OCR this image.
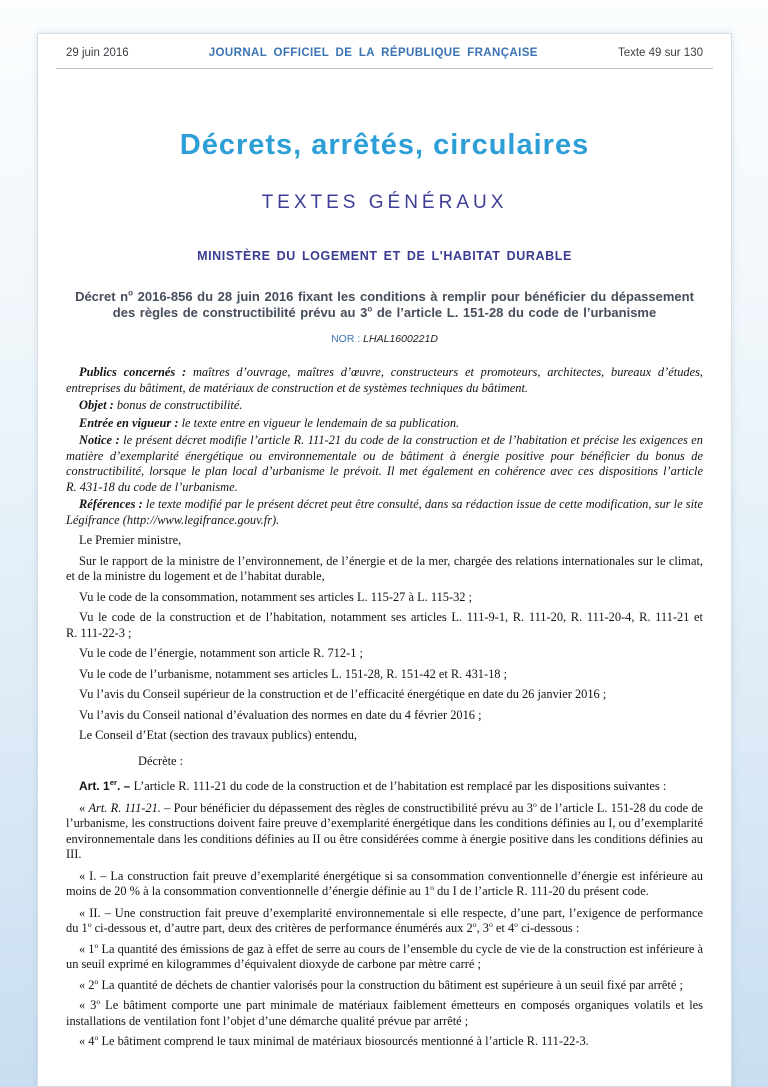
29 juin 2016	JOURNAL OFFICIEL DE LA RÉPUBLIQUE FRANÇAISE	Texte 49 sur 130
Décrets, arrêtés, circulaires
TEXTES GÉNÉRAUX
MINISTÈRE DU LOGEMENT ET DE L'HABITAT DURABLE
Décret $n^o$ 2016-856 du 28 juin 2016 fixant les conditions à remplir pour bénéficier du dépassement
des règles de constructibilité prévu au 3$^o$ de l’article L. 151-28 du code de l’urbanisme
NOR : LHAL1600221D

Publics concernés : maîtres d’ouvrage, maîtres d’œuvre, constructeurs et promoteurs, architectes, bureaux d’études, entreprises du bâtiment, de matériaux de construction et de systèmes techniques du bâtiment.

Objet : bonus de constructibilité.

Entrée en vigueur : le texte entre en vigueur le lendemain de sa publication.

Notice : le présent décret modifie l’article R. 111-21 du code de la construction et de l’habitation et précise les exigences en matière d’exemplarité énergétique ou environnementale ou de bâtiment à énergie positive pour bénéficier du bonus de constructibilité, lorsque le plan local d’urbanisme le prévoit. Il met également en cohérence avec ces dispositions l’article R. 431-18 du code de l’urbanisme.

Références : le texte modifié par le présent décret peut être consulté, dans sa rédaction issue de cette modification, sur le site Légifrance (http://www.legifrance.gouv.fr).

Le Premier ministre,

Sur le rapport de la ministre de l’environnement, de l’énergie et de la mer, chargée des relations internationales sur le climat, et de la ministre du logement et de l’habitat durable,

Vu le code de la consommation, notamment ses articles L. 115-27 à L. 115-32 ;

Vu le code de la construction et de l’habitation, notamment ses articles L. 111-9-1, R. 111-20, R. 111-20-4, R. 111-21 et R. 111-22-3 ;

Vu le code de l’énergie, notamment son article R. 712-1 ;

Vu le code de l’urbanisme, notamment ses articles L. 151-28, R. 151-42 et R. 431-18 ;

Vu l’avis du Conseil supérieur de la construction et de l’efficacité énergétique en date du 26 janvier 2016 ;

Vu l’avis du Conseil national d’évaluation des normes en date du 4 février 2016 ;

Le Conseil d’Etat (section des travaux publics) entendu,

Décrète :

Art. 1er. – L’article R. 111-21 du code de la construction et de l’habitation est remplacé par les dispositions suivantes :

« Art. R. 111-21. – Pour bénéficier du dépassement des règles de constructibilité prévu au 3$^o$ de l’article L. 151-28 du code de l’urbanisme, les constructions doivent faire preuve d’exemplarité énergétique dans les conditions définies au I, ou d’exemplarité environnementale dans les conditions définies au II ou être considérées comme à énergie positive dans les conditions définies au III.

« I. – La construction fait preuve d’exemplarité énergétique si sa consommation conventionnelle d’énergie est inférieure au moins de 20 % à la consommation conventionnelle d’énergie définie au 1$^o$ du I de l’article R. 111-20 du présent code.

« II. – Une construction fait preuve d’exemplarité environnementale si elle respecte, d’une part, l’exigence de performance du 1$^o$ ci-dessous et, d’autre part, deux des critères de performance énumérés aux 2$^o$, 3$^o$ et 4$^o$ ci-dessous :

« 1$^o$ La quantité des émissions de gaz à effet de serre au cours de l’ensemble du cycle de vie de la construction est inférieure à un seuil exprimé en kilogrammes d’équivalent dioxyde de carbone par mètre carré ;

« 2$^o$ La quantité de déchets de chantier valorisés pour la construction du bâtiment est supérieure à un seuil fixé par arrêté ;

« 3$^o$ Le bâtiment comporte une part minimale de matériaux faiblement émetteurs en composés organiques volatils et les installations de ventilation font l’objet d’une démarche qualité prévue par arrêté ;

« 4$^o$ Le bâtiment comprend le taux minimal de matériaux biosourcés mentionné à l’article R. 111-22-3.
